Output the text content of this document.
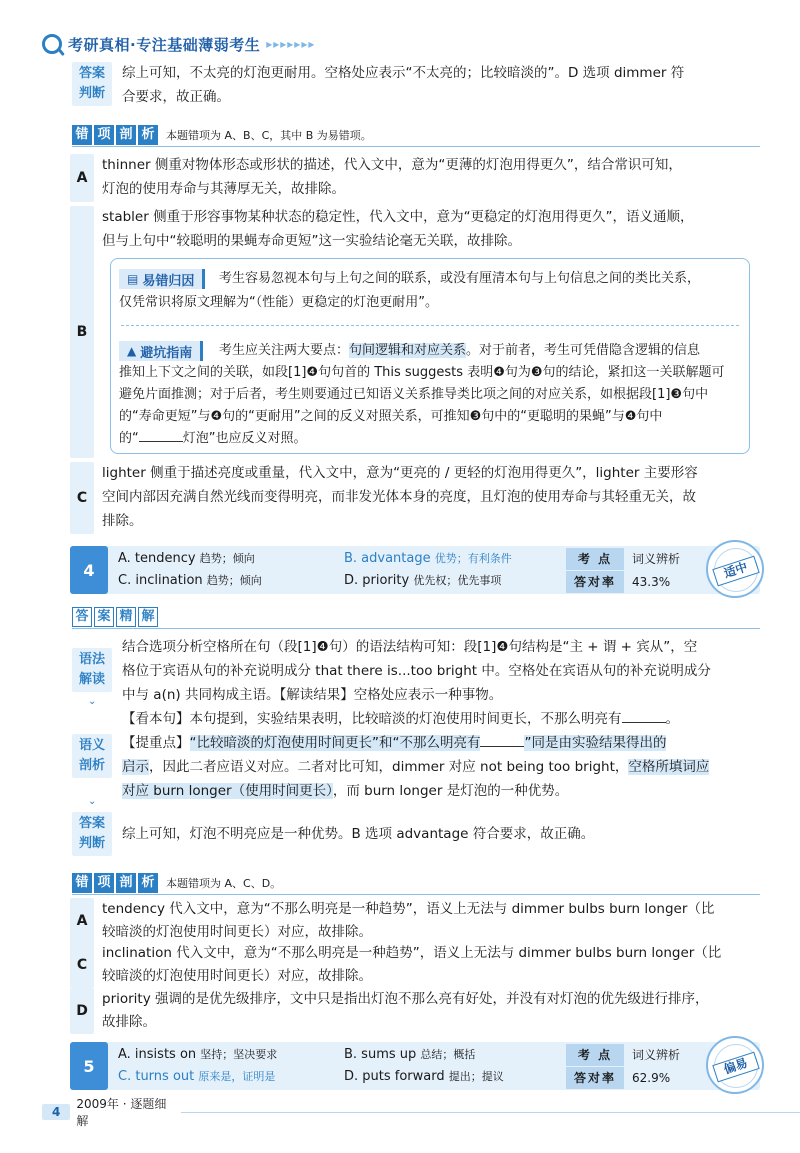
考研真相·专注基础薄弱考生 ▸▸▸▸▸▸▸
答案
判断
综上可知，不太亮的灯泡更耐用。空格处应表示“不太亮的；比较暗淡的”。D 选项 dimmer 符
合要求，故正确。
错 项 剖 析	本题错项为 A、B、C，其中 B 为易错项。
A
thinner 侧重对物体形态或形状的描述，代入文中，意为“更薄的灯泡用得更久”，结合常识可知，
灯泡的使用寿命与其薄厚无关，故排除。
B
stabler 侧重于形容事物某种状态的稳定性，代入文中，意为“更稳定的灯泡用得更久”，语义通顺，
但与上句中“较聪明的果蝇寿命更短”这一实验结论毫无关联，故排除。
▤ 易错归因 考生容易忽视本句与上句之间的联系，或没有厘清本句与上句信息之间的类比关系，
仅凭常识将原文理解为“（性能）更稳定的灯泡更耐用”。
▲ 避坑指南 考生应关注两大要点：句间逻辑和对应关系。对于前者，考生可凭借隐含逻辑的信息
推知上下文之间的关联，如段[1]❹句句首的 This suggests 表明❹句为❸句的结论，紧扣这一关联解题可
避免片面推测；对于后者，考生则要通过已知语义关系推导类比项之间的对应关系，如根据段[1]❸句中
的“寿命更短”与❹句的“更耐用”之间的反义对照关系，可推知❸句中的“更聪明的果蝇”与❹句中
的“	灯泡”也应反义对照。
C
lighter 侧重于描述亮度或重量，代入文中，意为“更亮的 / 更轻的灯泡用得更久”，lighter 主要形容
空间内部因充满自然光线而变得明亮，而非发光体本身的亮度，且灯泡的使用寿命与其轻重无关，故
排除。
4
A. tendency 趋势；倾向	B. advantage 优势；有利条件
C. inclination 趋势；倾向	D. priority 优先权；优先事项
考 点	词义辨析
答对率	43.3%
适中
答 案 精 解
语法
解读
⌄
结合选项分析空格所在句（段[1]❹句）的语法结构可知：段[1]❹句结构是“主 + 谓 + 宾从”，空
格位于宾语从句的补充说明成分 that there is...too bright 中。空格处在宾语从句的补充说明成分
中与 a(n) 共同构成主语。【解读结果】空格处应表示一种事物。
语义
剖析
⌄
【看本句】本句提到，实验结果表明，比较暗淡的灯泡使用时间更长，不那么明亮有	。
【提重点】“比较暗淡的灯泡使用时间更长”和“不那么明亮有	”同是由实验结果得出的
启示，因此二者应语义对应。二者对比可知，dimmer 对应 not being too bright，空格所填词应
对应 burn longer（使用时间更长），而 burn longer 是灯泡的一种优势。
答案
判断
综上可知，灯泡不明亮应是一种优势。B 选项 advantage 符合要求，故正确。
错 项 剖 析	本题错项为 A、C、D。
A
tendency 代入文中，意为“不那么明亮是一种趋势”，语义上无法与 dimmer bulbs burn longer（比
较暗淡的灯泡使用时间更长）对应，故排除。
C
inclination 代入文中，意为“不那么明亮是一种趋势”，语义上无法与 dimmer bulbs burn longer（比
较暗淡的灯泡使用时间更长）对应，故排除。
D
priority 强调的是优先级排序，文中只是指出灯泡不那么亮有好处，并没有对灯泡的优先级进行排序，
故排除。
5
A. insists on 坚持；坚决要求	B. sums up 总结；概括
C. turns out 原来是，证明是	D. puts forward 提出；提议
考 点	词义辨析
答对率	62.9%
偏易
4
2009年 · 逐题细解
